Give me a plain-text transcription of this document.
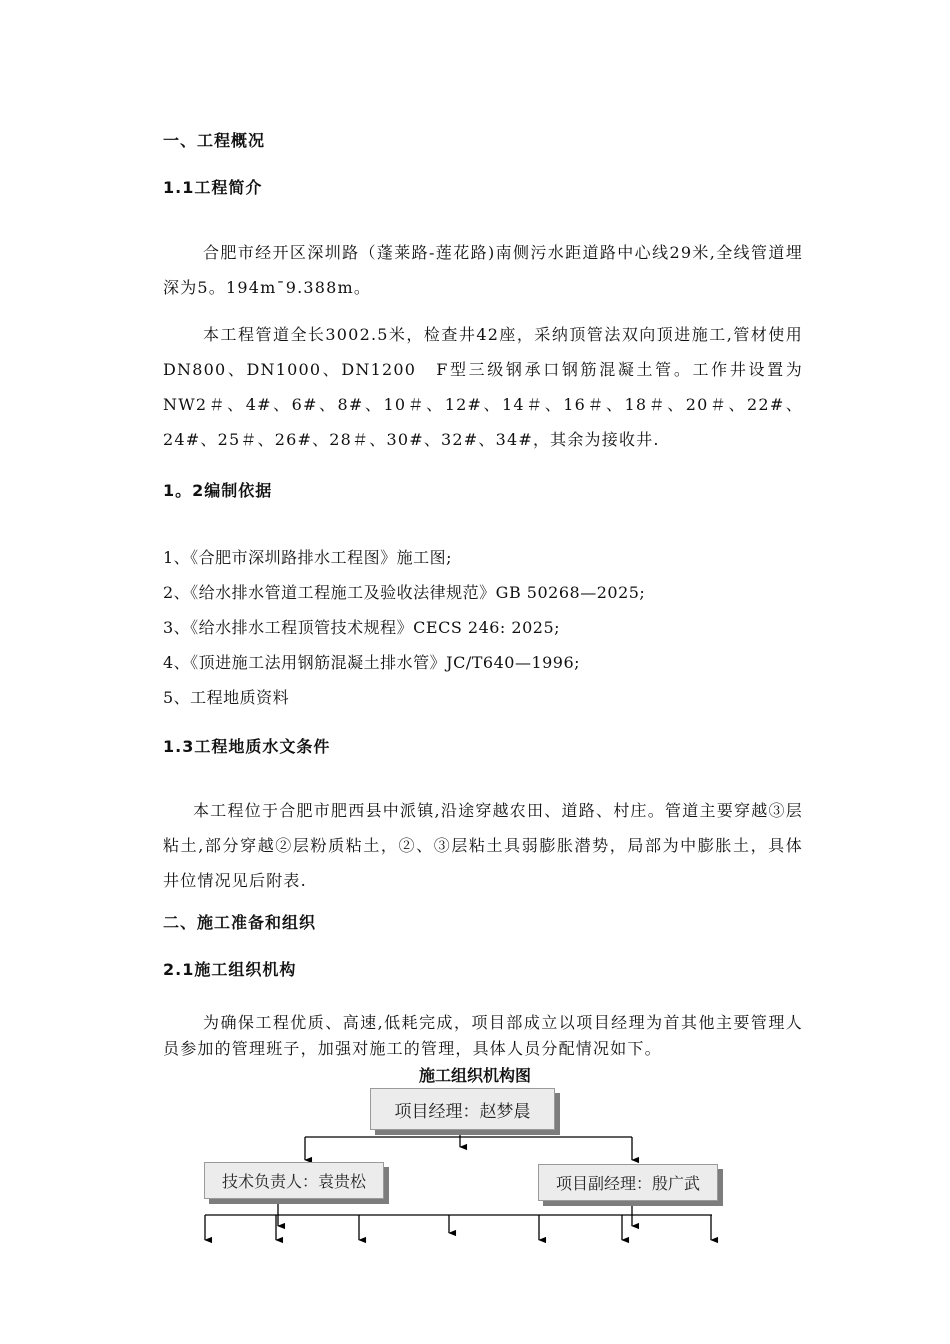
一、工程概况
1.1工程简介
合肥市经开区深圳路（蓬莱路-莲花路)南侧污水距道路中心线29米,全线管道埋深为5。194m¯9.388m。
本工程管道全长3002.5米，检查井42座，采纳顶管法双向顶进施工,管材使用 DN800、DN1000、DN1200　F型三级钢承口钢筋混凝土管。工作井设置为NW2＃、4#、6#、8#、10＃、12#、14＃、16＃、18＃、20＃、22#、24#、25＃、26#、28＃、30#、32#、34#，其余为接收井.
1。2编制依据
1、《合肥市深圳路排水工程图》施工图;
2、《给水排水管道工程施工及验收法律规范》GB 50268—2025;
3、《给水排水工程顶管技术规程》CECS 246: 2025;
4、《顶进施工法用钢筋混凝土排水管》JC/T640—1996;
5、工程地质资料
1.3工程地质水文条件
本工程位于合肥市肥西县中派镇,沿途穿越农田、道路、村庄。管道主要穿越③层粘土,部分穿越②层粉质粘土，②、③层粘土具弱膨胀潜势，局部为中膨胀土，具体井位情况见后附表.
二、施工准备和组织
2.1施工组织机构
为确保工程优质、高速,低耗完成，项目部成立以项目经理为首其他主要管理人员参加的管理班子，加强对施工的管理，具体人员分配情况如下。
施工组织机构图
项目经理：赵梦晨
技术负责人：袁贵松	项目副经理：殷广武
